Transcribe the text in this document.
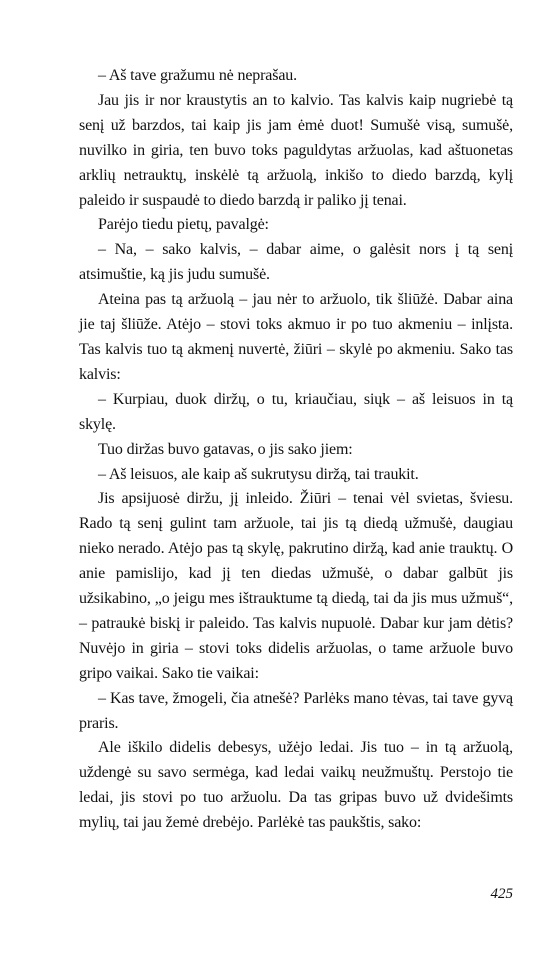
– Aš tave gražumu nė neprašau.

Jau jis ir nor kraustytis an to kalvio. Tas kalvis kaip nugriebė tą senį už barzdos, tai kaip jis jam ėmė duot! Sumušė visą, sumušė, nuvilko in giria, ten buvo toks paguldytas aržuolas, kad aštuonetas arklių netrauktų, inskėlė tą aržuolą, inkišo to diedo barzdą, kylį paleido ir suspaudė to diedo barzdą ir paliko jį tenai.

Parėjo tiedu pietų, pavalgė:

– Na, – sako kalvis, – dabar aime, o galėsit nors į tą senį atsimuštie, ką jis judu sumušė.

Ateina pas tą aržuolą – jau nėr to aržuolo, tik šliūžė. Dabar aina jie taj šliūže. Atėjo – stovi toks akmuo ir po tuo akmeniu – inlįsta. Tas kalvis tuo tą akmenį nuvertė, žiūri – skylė po akmeniu. Sako tas kalvis:

– Kurpiau, duok diržų, o tu, kriaučiau, siųk – aš leisuos in tą skylę.

Tuo diržas buvo gatavas, o jis sako jiem:

– Aš leisuos, ale kaip aš sukrutysu diržą, tai traukit.

Jis apsijuosė diržu, jį inleido. Žiūri – tenai vėl svietas, šviesu. Rado tą senį gulint tam aržuole, tai jis tą diedą užmušė, daugiau nieko nerado. Atėjo pas tą skylę, pakrutino diržą, kad anie trauktų. O anie pamislijo, kad jį ten diedas užmušė, o dabar galbūt jis užsikabino, „o jeigu mes ištrauktume tą diedą, tai da jis mus užmuš“, – patraukė biskį ir paleido. Tas kalvis nupuolė. Dabar kur jam dėtis? Nuvėjo in giria – stovi toks didelis aržuolas, o tame aržuole buvo gripo vaikai. Sako tie vaikai:

– Kas tave, žmogeli, čia atnešė? Parlėks mano tėvas, tai tave gyvą praris.

Ale iškilo didelis debesys, užėjo ledai. Jis tuo – in tą aržuolą, uždengė su savo sermėga, kad ledai vaikų neužmuštų. Perstojo tie ledai, jis stovi po tuo aržuolu. Da tas gripas buvo už dvidešimts mylių, tai jau žemė drebėjo. Parlėkė tas paukštis, sako:

425
